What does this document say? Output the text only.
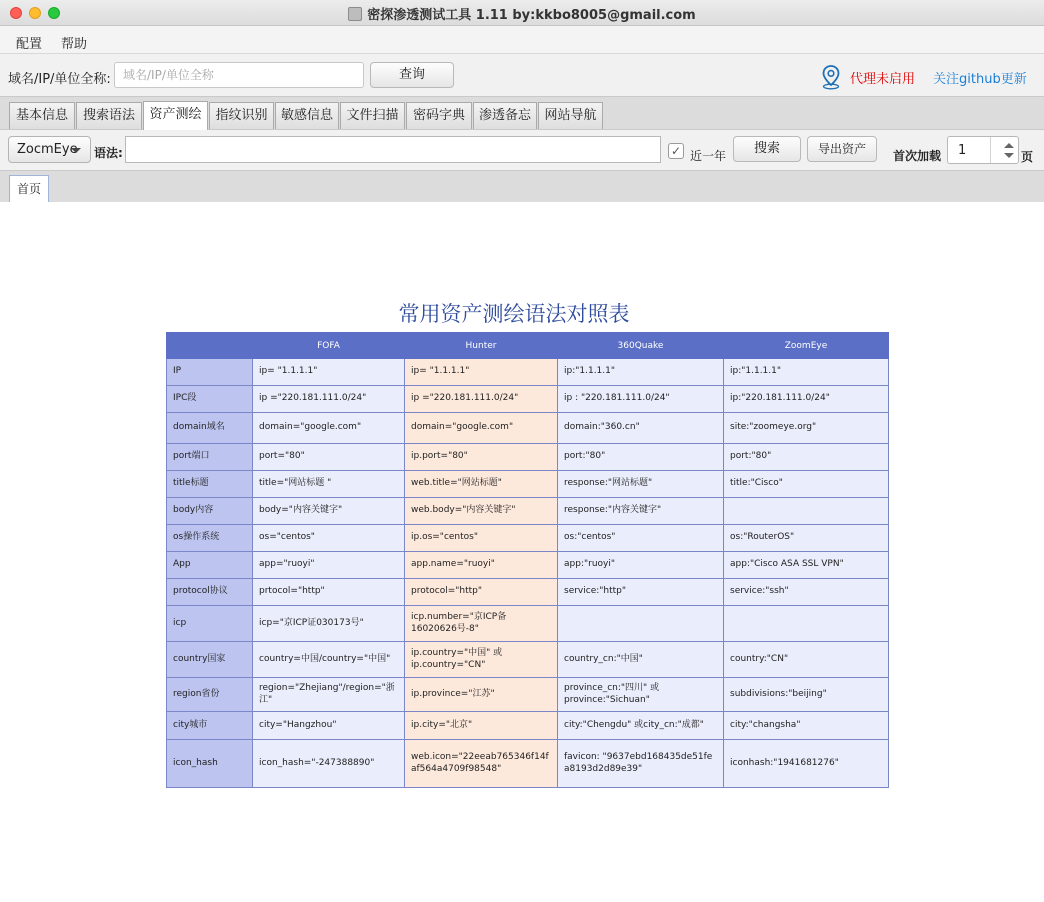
密探渗透测试工具 1.11 by:kkbo8005@gmail.com
配置 帮助
域名/IP/单位全称:
域名/IP/单位全称	查询	代理未启用 关注github更新
基本信息	搜索语法	资产测绘	指纹识别	敏感信息	文件扫描	密码字典	渗透备忘	网站导航
ZocmEye	语法:	✓ 近一年	搜索	导出资产	首次加载 1	页
首页
常用资产测绘语法对照表
	FOFA	Hunter	360Quake	ZoomEye
IP	ip= "1.1.1.1"	ip= "1.1.1.1"	ip:"1.1.1.1"	ip:"1.1.1.1"
IPC段	ip ="220.181.111.0/24"	ip ="220.181.111.0/24"	ip : "220.181.111.0/24"	ip:"220.181.111.0/24"
domain域名	domain="google.com"	domain="google.com"	domain:"360.cn"	site:"zoomeye.org"
port端口	port="80"	ip.port="80"	port:"80"	port:"80"
title标题	title="网站标题 "	web.title="网站标题"	response:"网站标题"	title:"Cisco"
body内容	body="内容关键字"	web.body="内容关键字"	response:"内容关键字"	
os操作系统	os="centos"	ip.os="centos"	os:"centos"	os:"RouterOS"
App	app="ruoyi"	app.name="ruoyi"	app:"ruoyi"	app:"Cisco ASA SSL VPN"
protocol协议	prtocol="http"	protocol="http"	service:"http"	service:"ssh"
icp	icp="京ICP证030173号"	icp.number="京ICP备16020626号-8"		
country国家	country=中国/country="中国"	ip.country="中国" 或 ip.country="CN"	country_cn:"中国"	country:"CN"
region省份	region="Zhejiang"/region="浙江"	ip.province="江苏"	province_cn:"四川" 或 province:"Sichuan"	subdivisions:"beijing"
city城市	city="Hangzhou"	ip.city="北京"	city:"Chengdu" 或city_cn:"成都"	city:"changsha"
icon_hash	icon_hash="-247388890"	web.icon="22eeab765346f14faf564a4709f98548"	favicon: "9637ebd168435de51fea8193d2d89e39"	iconhash:"1941681276"
